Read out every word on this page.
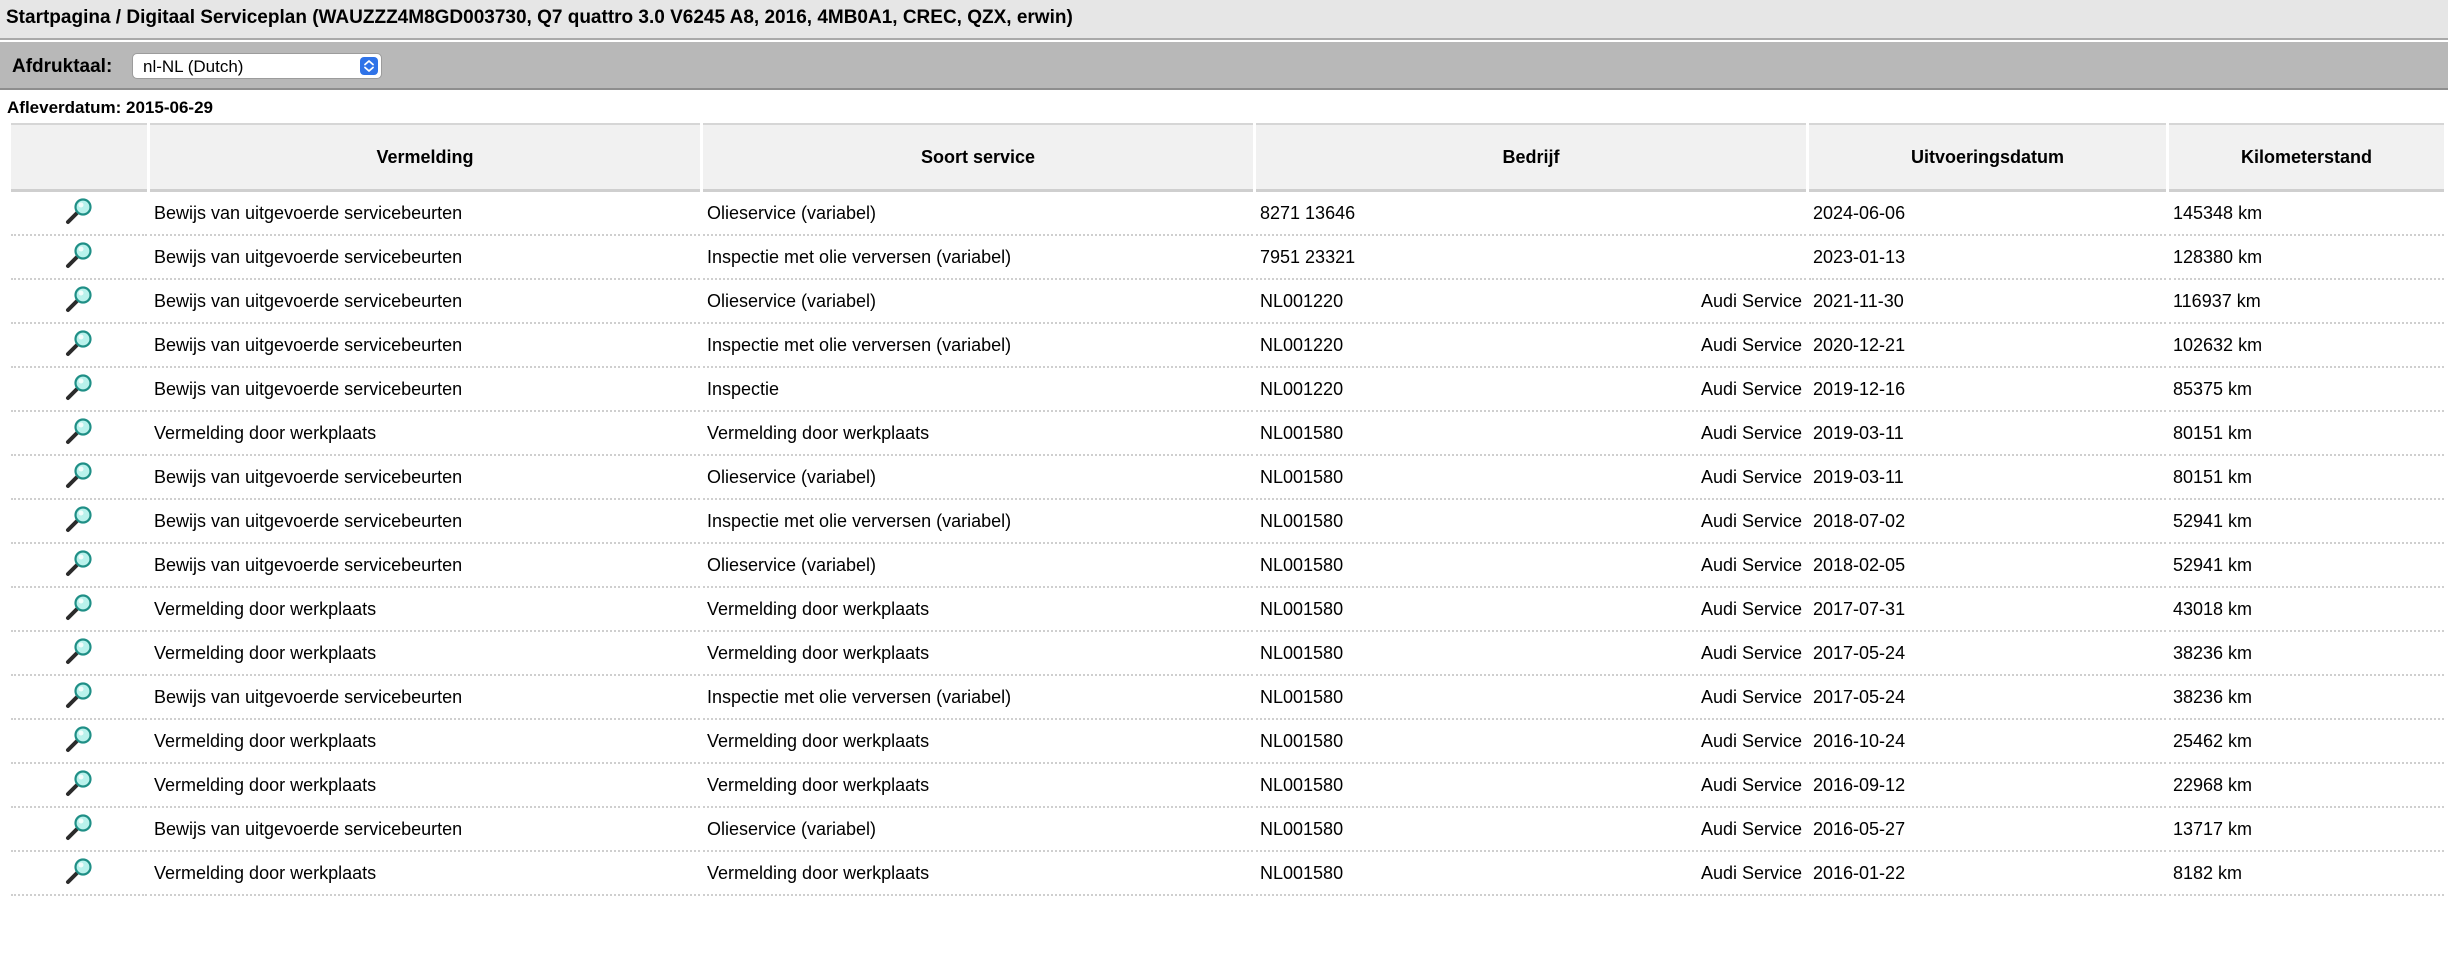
Startpagina / Digitaal Serviceplan (WAUZZZ4M8GD003730, Q7 quattro 3.0 V6245 A8, 2016, 4MB0A1, CREC, QZX, erwin)
Afdruktaal: nl-NL (Dutch)
Afleverdatum: 2015-06-29
	Vermelding	Soort service	Bedrijf	Uitvoeringsdatum	Kilometerstand
	Bewijs van uitgevoerde servicebeurten	Olieservice (variabel)	8271 13646	2024-06-06	145348 km
	Bewijs van uitgevoerde servicebeurten	Inspectie met olie verversen (variabel)	7951 23321	2023-01-13	128380 km
	Bewijs van uitgevoerde servicebeurten	Olieservice (variabel)	NL001220 Audi Service	2021-11-30	116937 km
	Bewijs van uitgevoerde servicebeurten	Inspectie met olie verversen (variabel)	NL001220 Audi Service	2020-12-21	102632 km
	Bewijs van uitgevoerde servicebeurten	Inspectie	NL001220 Audi Service	2019-12-16	85375 km
	Vermelding door werkplaats	Vermelding door werkplaats	NL001580 Audi Service	2019-03-11	80151 km
	Bewijs van uitgevoerde servicebeurten	Olieservice (variabel)	NL001580 Audi Service	2019-03-11	80151 km
	Bewijs van uitgevoerde servicebeurten	Inspectie met olie verversen (variabel)	NL001580 Audi Service	2018-07-02	52941 km
	Bewijs van uitgevoerde servicebeurten	Olieservice (variabel)	NL001580 Audi Service	2018-02-05	52941 km
	Vermelding door werkplaats	Vermelding door werkplaats	NL001580 Audi Service	2017-07-31	43018 km
	Vermelding door werkplaats	Vermelding door werkplaats	NL001580 Audi Service	2017-05-24	38236 km
	Bewijs van uitgevoerde servicebeurten	Inspectie met olie verversen (variabel)	NL001580 Audi Service	2017-05-24	38236 km
	Vermelding door werkplaats	Vermelding door werkplaats	NL001580 Audi Service	2016-10-24	25462 km
	Vermelding door werkplaats	Vermelding door werkplaats	NL001580 Audi Service	2016-09-12	22968 km
	Bewijs van uitgevoerde servicebeurten	Olieservice (variabel)	NL001580 Audi Service	2016-05-27	13717 km
	Vermelding door werkplaats	Vermelding door werkplaats	NL001580 Audi Service	2016-01-22	8182 km
